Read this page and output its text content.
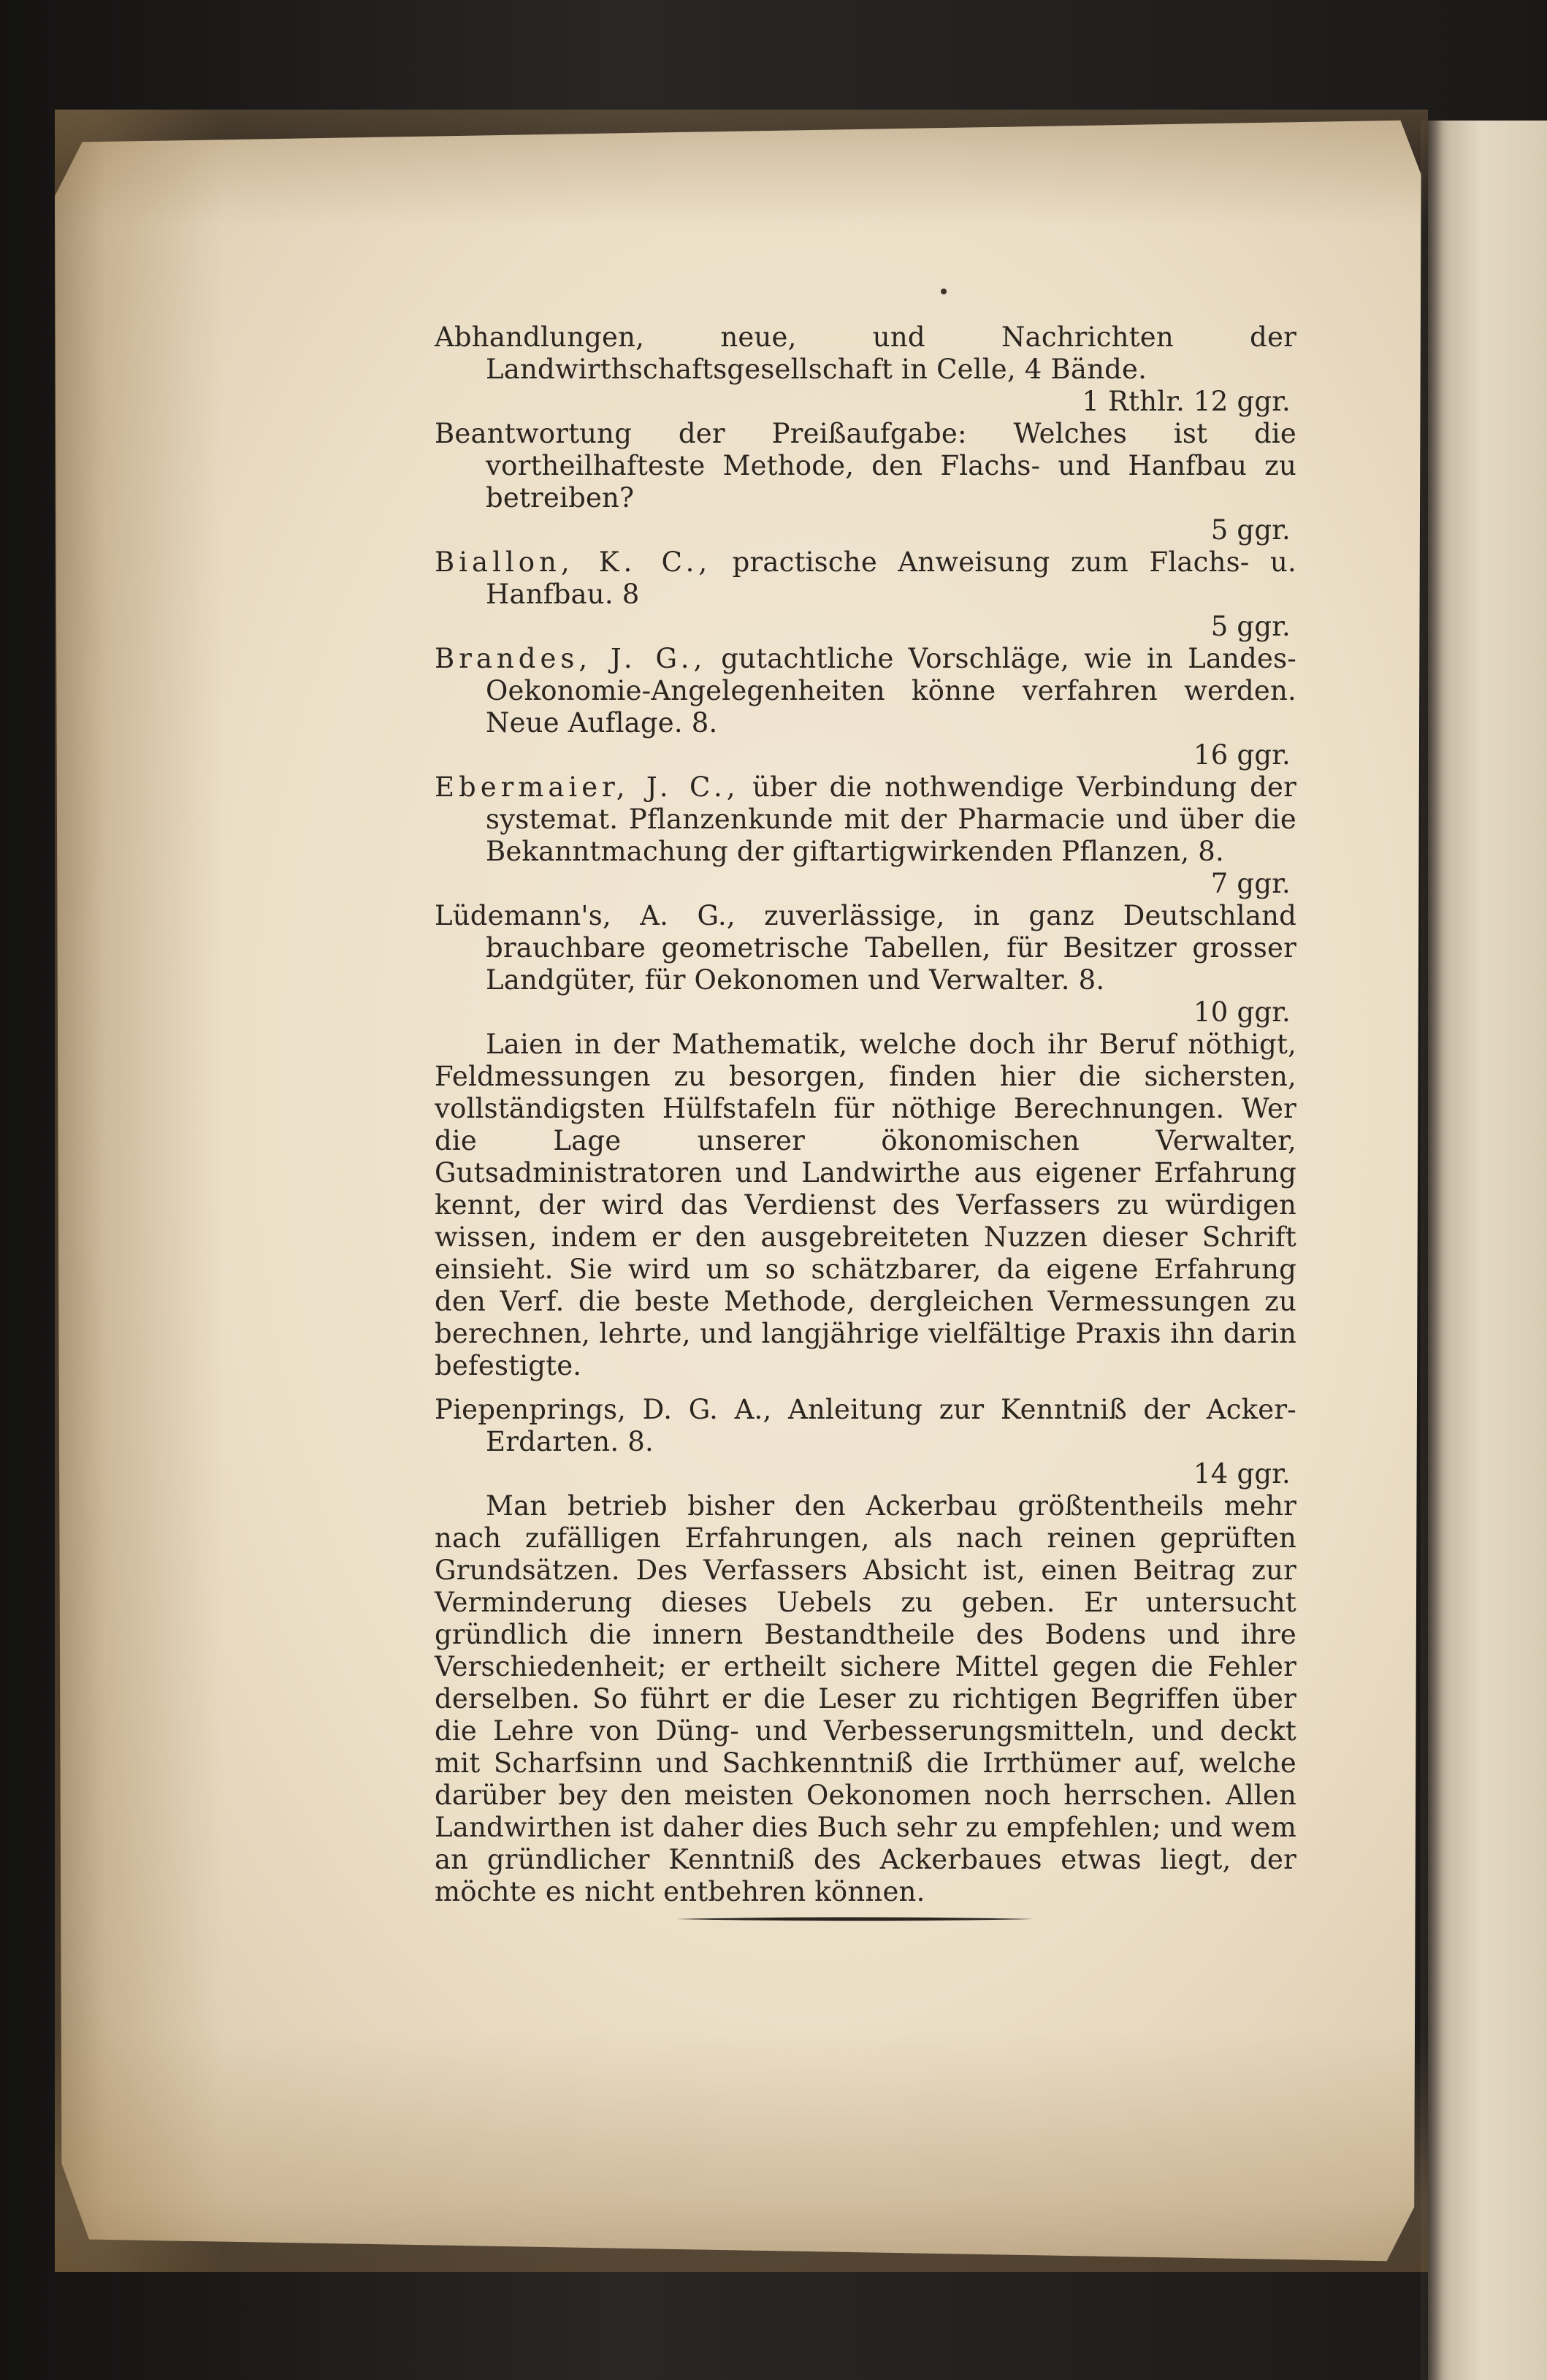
Abhandlungen, neue, und Nachrichten der Landwirthschaftsgesellschaft in Celle, 4 Bände.
1 Rthlr. 12 ggr.
Beantwortung der Preißaufgabe: Welches ist die vortheilhafteste Methode, den Flachs- und Hanfbau zu betreiben?
5 ggr.
Biallon, K. C., practische Anweisung zum Flachs- u. Hanfbau. 8
5 ggr.
Brandes, J. G., gutachtliche Vorschläge, wie in Landes-Oekonomie-Angelegenheiten könne verfahren werden. Neue Auflage. 8.
16 ggr.
Ebermaier, J. C., über die nothwendige Verbindung der systemat. Pflanzenkunde mit der Pharmacie und über die Bekanntmachung der giftartigwirkenden Pflanzen, 8.
7 ggr.
Lüdemann's, A. G., zuverlässige, in ganz Deutschland brauchbare geometrische Tabellen, für Besitzer grosser Landgüter, für Oekonomen und Verwalter. 8.
10 ggr.
Laien in der Mathematik, welche doch ihr Beruf nöthigt, Feldmessungen zu besorgen, finden hier die sichersten, vollständigsten Hülfstafeln für nöthige Berechnungen. Wer die Lage unserer ökonomischen Verwalter, Gutsadministratoren und Landwirthe aus eigener Erfahrung kennt, der wird das Verdienst des Verfassers zu würdigen wissen, indem er den ausgebreiteten Nuzzen dieser Schrift einsieht. Sie wird um so schätzbarer, da eigene Erfahrung den Verf. die beste Methode, dergleichen Vermessungen zu berechnen, lehrte, und langjährige vielfältige Praxis ihn darin befestigte.
Piepenprings, D. G. A., Anleitung zur Kenntniß der Acker-Erdarten. 8.
14 ggr.
Man betrieb bisher den Ackerbau größtentheils mehr nach zufälligen Erfahrungen, als nach reinen geprüften Grundsätzen. Des Verfassers Absicht ist, einen Beitrag zur Verminderung dieses Uebels zu geben. Er untersucht gründlich die innern Bestandtheile des Bodens und ihre Verschiedenheit; er ertheilt sichere Mittel gegen die Fehler derselben. So führt er die Leser zu richtigen Begriffen über die Lehre von Düng- und Verbesserungsmitteln, und deckt mit Scharfsinn und Sachkenntniß die Irrthümer auf, welche darüber bey den meisten Oekonomen noch herrschen. Allen Landwirthen ist daher dies Buch sehr zu empfehlen; und wem an gründlicher Kenntniß des Ackerbaues etwas liegt, der möchte es nicht entbehren können.
